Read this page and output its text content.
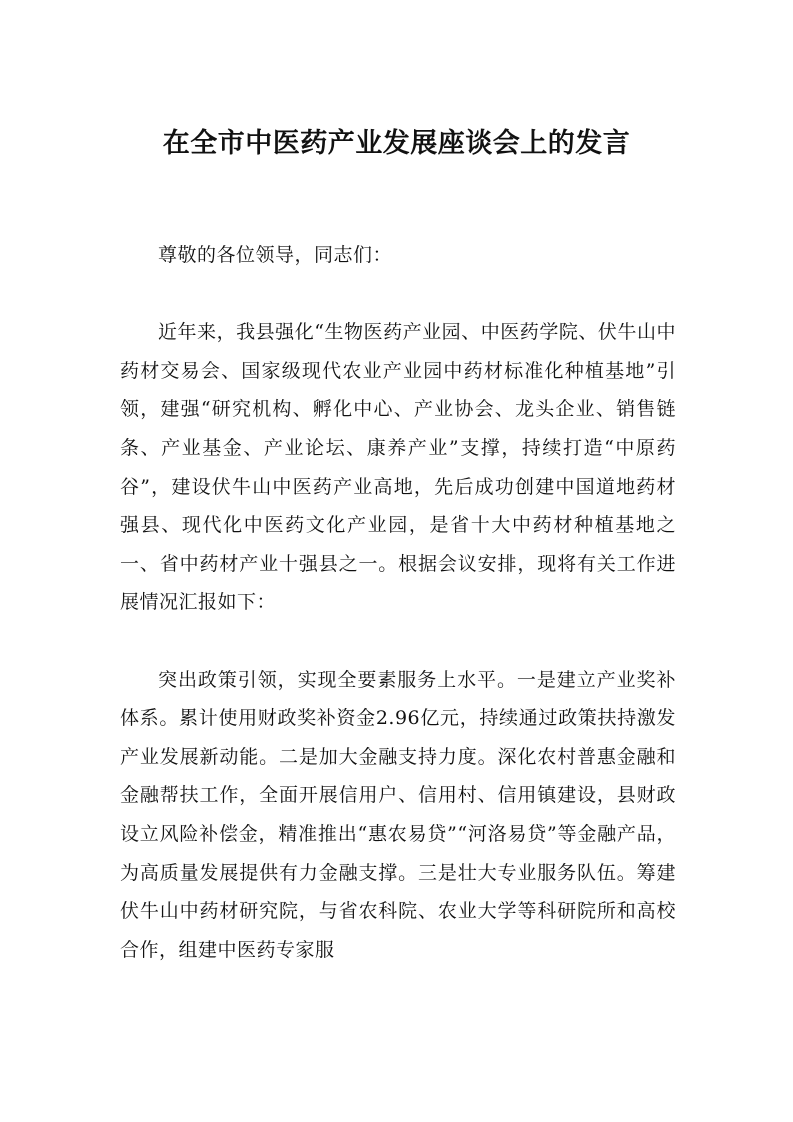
在全市中医药产业发展座谈会上的发言

尊敬的各位领导，同志们：

近年来，我县强化“生物医药产业园、中医药学院、伏牛山中药材交易会、国家级现代农业产业园中药材标准化种植基地”引领，建强“研究机构、孵化中心、产业协会、龙头企业、销售链条、产业基金、产业论坛、康养产业”支撑，持续打造“中原药谷”，建设伏牛山中医药产业高地，先后成功创建中国道地药材强县、现代化中医药文化产业园，是省十大中药材种植基地之一、省中药材产业十强县之一。根据会议安排，现将有关工作进展情况汇报如下：

突出政策引领，实现全要素服务上水平。一是建立产业奖补体系。累计使用财政奖补资金2.96亿元，持续通过政策扶持激发产业发展新动能。二是加大金融支持力度。深化农村普惠金融和金融帮扶工作，全面开展信用户、信用村、信用镇建设，县财政设立风险补偿金，精准推出“惠农易贷”“河洛易贷”等金融产品，为高质量发展提供有力金融支撑。三是壮大专业服务队伍。筹建伏牛山中药材研究院，与省农科院、农业大学等科研院所和高校合作，组建中医药专家服
